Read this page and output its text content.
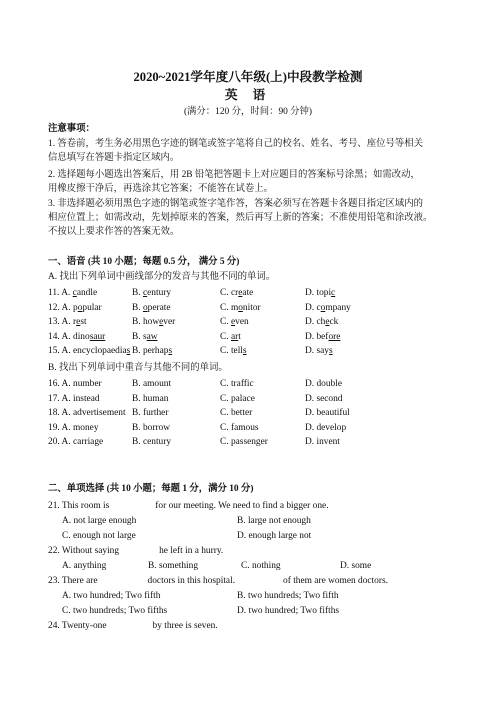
2020~2021学年度八年级(上)中段教学检测
英 语
(满分：120 分，时间：90 分钟)
注意事项：
1. 答卷前，考生务必用黑色字迹的钢笔或签字笔将自己的校名、姓名、考号、座位号等相关
信息填写在答题卡指定区域内。
2. 选择题每小题选出答案后，用 2B 铅笔把答题卡上对应题目的答案标号涂黑；如需改动，
用橡皮擦干净后，再选涂其它答案；不能答在试卷上。
3. 非选择题必须用黑色字迹的钢笔或签字笔作答，答案必须写在答题卡各题目指定区域内的
相应位置上；如需改动，先划掉原来的答案，然后再写上新的答案；不准使用铅笔和涂改液。
不按以上要求作答的答案无效。
一、语音 (共 10 小题；每题 0.5 分， 满分 5 分)
A. 找出下列单词中画线部分的发音与其他不同的单词。
11. A. candle	B. century	C. create	D. topic
12. A. popular	B. operate	C. monitor	D. company
13. A. rest	B. however	C. even	D. check
14. A. dinosaur	B. saw	C. art	D. before
15. A. encyclopaedias B. perhaps	C. tells	D. says
B. 找出下列单词中重音与其他不同的单词。
16. A. number	B. amount	C. traffic	D. double
17. A. instead	B. human	C. palace	D. second
18. A. advertisement B. further	C. better	D. beautiful
19. A. money	B. borrow	C. famous	D. develop
20. A. carriage	B. century	C. passenger	D. invent
二、单项选择 (共 10 小题；每题 1 分，满分 10 分)
21. This room is	for our meeting. We need to find a bigger one.
A. not large enough	B. large not enough
C. enough not large	D. enough large not
22. Without saying	he left in a hurry.
A. anything	B. something	C. nothing	D. some
23. There are	doctors in this hospital.	of them are women doctors.
A. two hundred; Two fifth	B. two hundreds; Two fifth
C. two hundreds; Two fifths	D. two hundred; Two fifths
24. Twenty-one	by three is seven.
